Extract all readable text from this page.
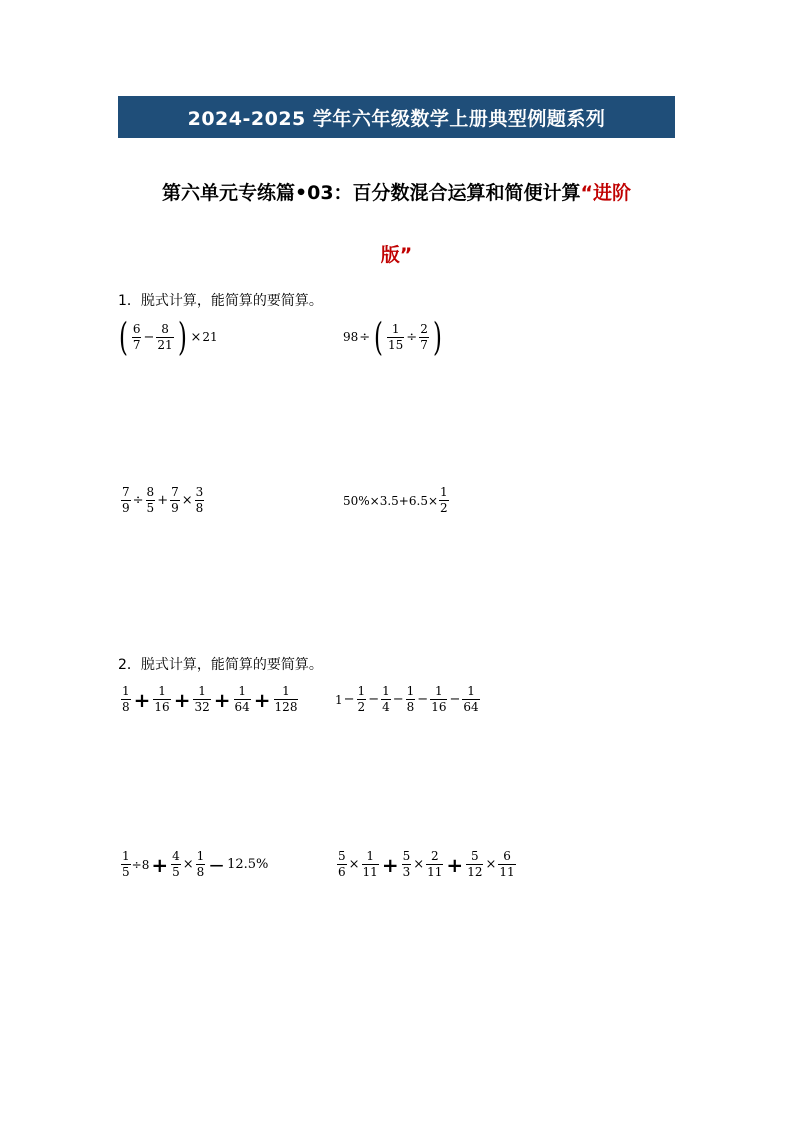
2024-2025 学年六年级数学上册典型例题系列
第六单元专练篇•03：百分数混合运算和简便计算“进阶
版”
1．脱式计算，能简算的要简算。
( $\frac{6}{7} - \frac{8}{21}$ ) × 21	98 ÷ ( $\frac{1}{15} \div \frac{2}{7}$ )
$\frac{7}{9} \div \frac{8}{5} + \frac{7}{9} \times \frac{3}{8}$	$50\%\times 3.5+6.5\times \frac{1}{2}$
2．脱式计算，能简算的要简算。
$\frac{1}{8} + \frac{1}{16} + \frac{1}{32} + \frac{1}{64} + \frac{1}{128}$	$1 - \frac{1}{2} - \frac{1}{4} - \frac{1}{8} - \frac{1}{16} - \frac{1}{64}$
$\frac{1}{5} \div 8 + \frac{4}{5} \times \frac{1}{8} - 12.5\%$	$\frac{5}{6} \times \frac{1}{11} + \frac{5}{3} \times \frac{2}{11} + \frac{5}{12} \times \frac{6}{11}$
